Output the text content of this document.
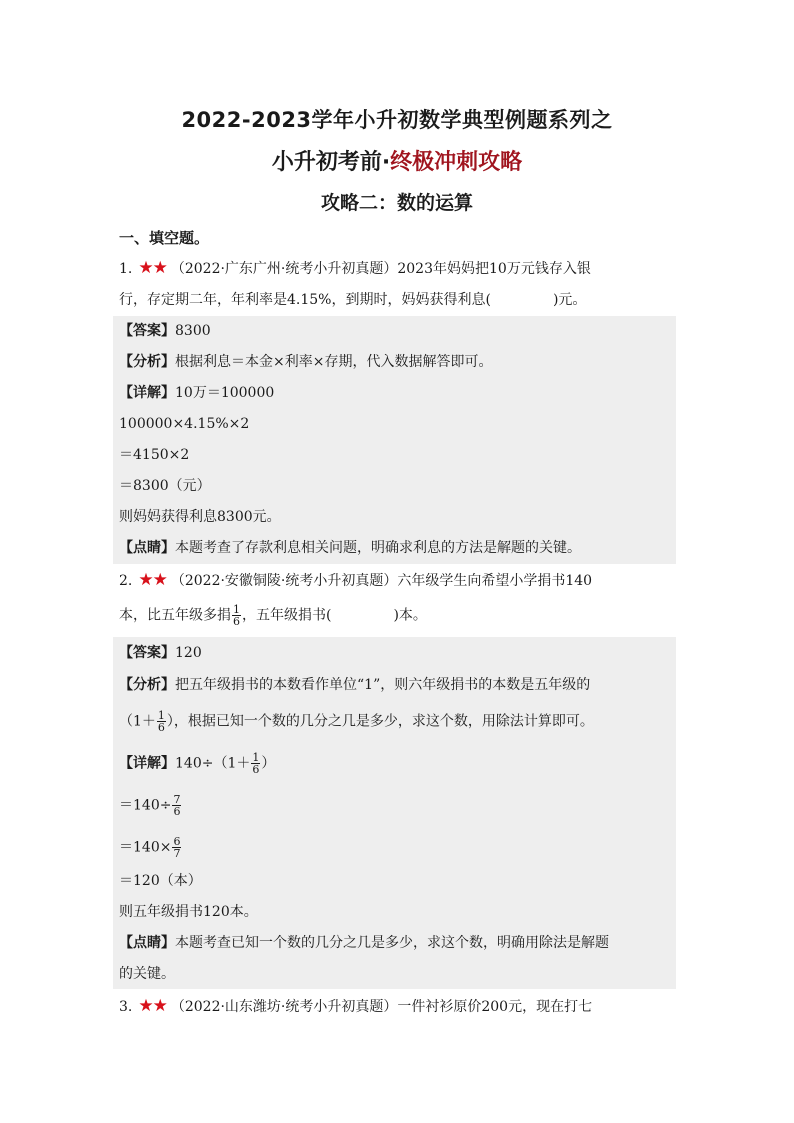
2022-2023学年小升初数学典型例题系列之
小升初考前·终极冲刺攻略
攻略二：数的运算
一、填空题。
1. ★★ （2022·广东广州·统考小升初真题）2023年妈妈把10万元钱存入银
行，存定期二年，年利率是4.15%，到期时，妈妈获得利息(	)元。
【答案】8300
【分析】根据利息＝本金×利率×存期，代入数据解答即可。
【详解】10万＝100000
100000×4.15%×2
＝4150×2
＝8300（元）
则妈妈获得利息8300元。
【点睛】本题考查了存款利息相关问题，明确求利息的方法是解题的关键。
2. ★★ （2022·安徽铜陵·统考小升初真题）六年级学生向希望小学捐书140
本，比五年级多捐 $\frac{1}{6}$ ，五年级捐书(	)本。
【答案】120
【分析】把五年级捐书的本数看作单位“1”，则六年级捐书的本数是五年级的
（$1+ \frac{1}{6}$ ），根据已知一个数的几分之几是多少，求这个数，用除法计算即可。
【详解】$140\div(1+ \frac{1}{6}$ ）
$=140\div \frac{7}{6}$
$=140\times \frac{6}{7}$
＝120（本）
则五年级捐书120本。
【点睛】本题考查已知一个数的几分之几是多少，求这个数，明确用除法是解题
的关键。
3. ★★ （2022·山东潍坊·统考小升初真题）一件衬衫原价200元，现在打七
